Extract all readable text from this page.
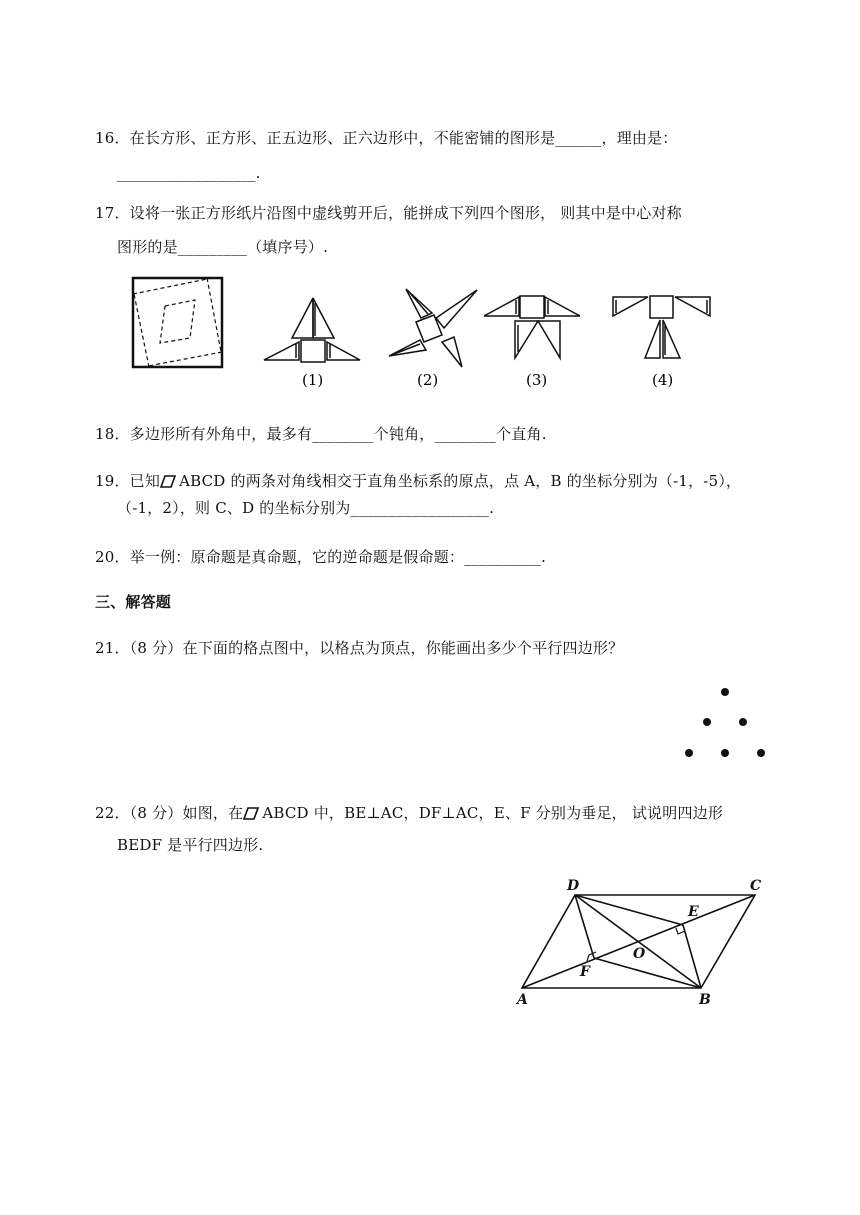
16．在长方形、正方形、正五边形、正六边形中，不能密铺的图形是______，理由是：
__________________.
17．设将一张正方形纸片沿图中虚线剪开后，能拼成下列四个图形， 则其中是中心对称
图形的是_________（填序号）.
(1)	(2)	(3)	(4)
18．多边形所有外角中，最多有________个钝角，________个直角.
19．已知 ABCD 的两条对角线相交于直角坐标系的原点，点 A，B 的坐标分别为（-1，-5），
（-1，2），则 C、D 的坐标分别为__________________.
20．举一例：原命题是真命题，它的逆命题是假命题：__________.
三、解答题
21．（8 分）在下面的格点图中，以格点为顶点，你能画出多少个平行四边形？
22．（8 分）如图，在 ABCD 中，BE⊥AC，DF⊥AC，E、F 分别为垂足， 试说明四边形
BEDF 是平行四边形.
D	C
E
O
F
A	B
